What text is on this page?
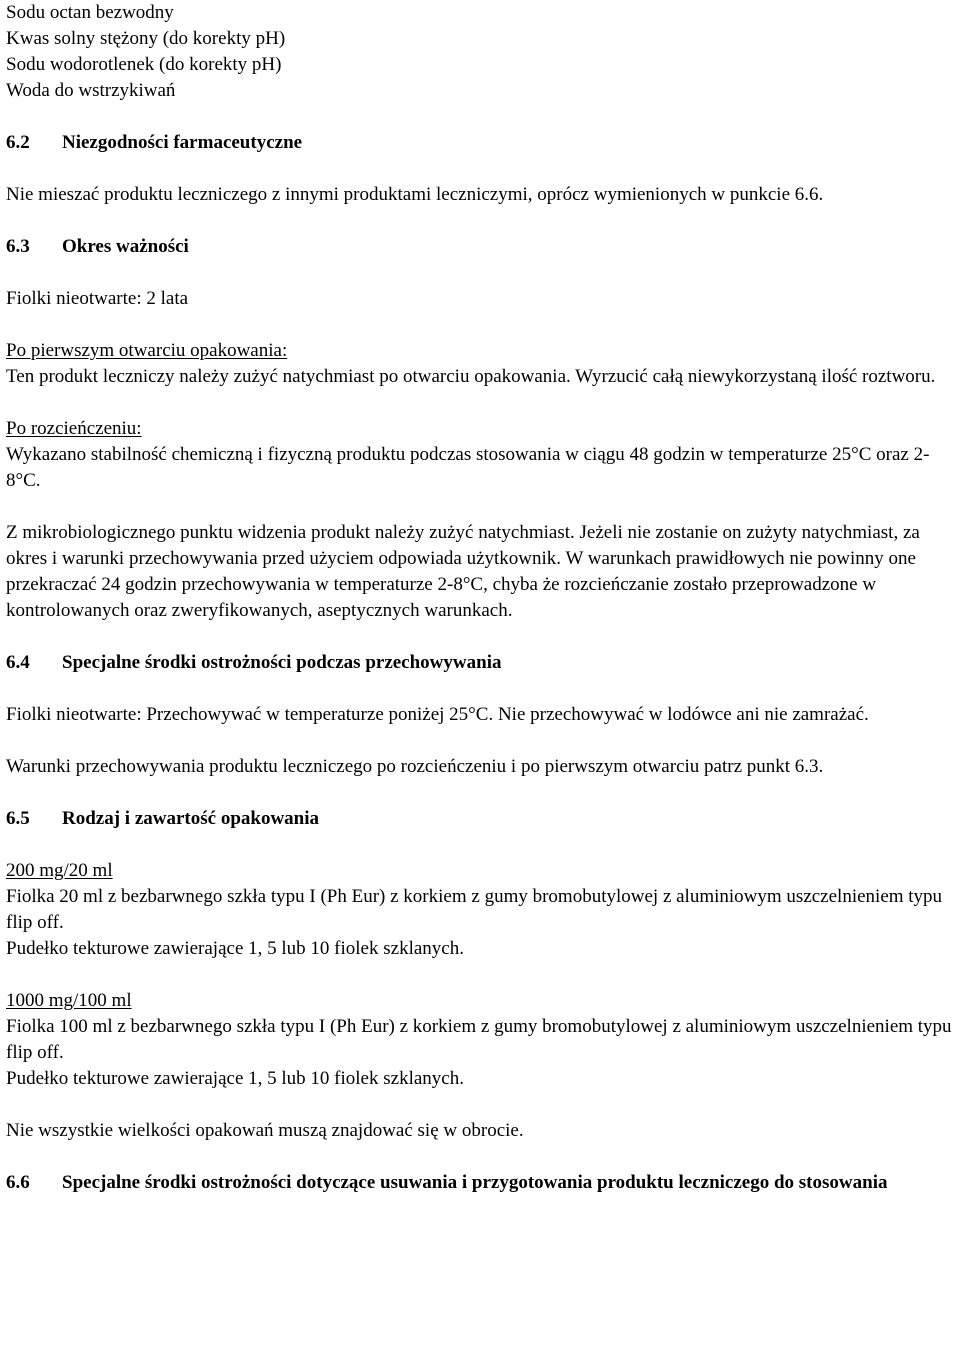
Sodu octan bezwodny
Kwas solny stężony (do korekty pH)
Sodu wodorotlenek (do korekty pH)
Woda do wstrzykiwań
6.2	Niezgodności farmaceutyczne

Nie mieszać produktu leczniczego z innymi produktami leczniczymi, oprócz wymienionych w punkcie 6.6.

6.3	Okres ważności

Fiolki nieotwarte: 2 lata

Po pierwszym otwarciu opakowania:

Ten produkt leczniczy należy zużyć natychmiast po otwarciu opakowania. Wyrzucić całą niewykorzystaną ilość roztworu.

Po rozcieńczeniu:

Wykazano stabilność chemiczną i fizyczną produktu podczas stosowania w ciągu 48 godzin w temperaturze 25°C oraz 2-8°C.

Z mikrobiologicznego punktu widzenia produkt należy zużyć natychmiast. Jeżeli nie zostanie on zużyty natychmiast, za okres i warunki przechowywania przed użyciem odpowiada użytkownik. W warunkach prawidłowych nie powinny one przekraczać 24 godzin przechowywania w temperaturze 2-8°C, chyba że rozcieńczanie zostało przeprowadzone w kontrolowanych oraz zweryfikowanych, aseptycznych warunkach.

6.4	Specjalne środki ostrożności podczas przechowywania

Fiolki nieotwarte: Przechowywać w temperaturze poniżej 25°C. Nie przechowywać w lodówce ani nie zamrażać.

Warunki przechowywania produktu leczniczego po rozcieńczeniu i po pierwszym otwarciu patrz punkt 6.3.

6.5	Rodzaj i zawartość opakowania

200 mg/20 ml

Fiolka 20 ml z bezbarwnego szkła typu I (Ph Eur) z korkiem z gumy bromobutylowej z aluminiowym uszczelnieniem typu flip off.

Pudełko tekturowe zawierające 1, 5 lub 10 fiolek szklanych.

1000 mg/100 ml

Fiolka 100 ml z bezbarwnego szkła typu I (Ph Eur) z korkiem z gumy bromobutylowej z aluminiowym uszczelnieniem typu flip off.

Pudełko tekturowe zawierające 1, 5 lub 10 fiolek szklanych.

Nie wszystkie wielkości opakowań muszą znajdować się w obrocie.

6.6	Specjalne środki ostrożności dotyczące usuwania i przygotowania produktu leczniczego do stosowania
